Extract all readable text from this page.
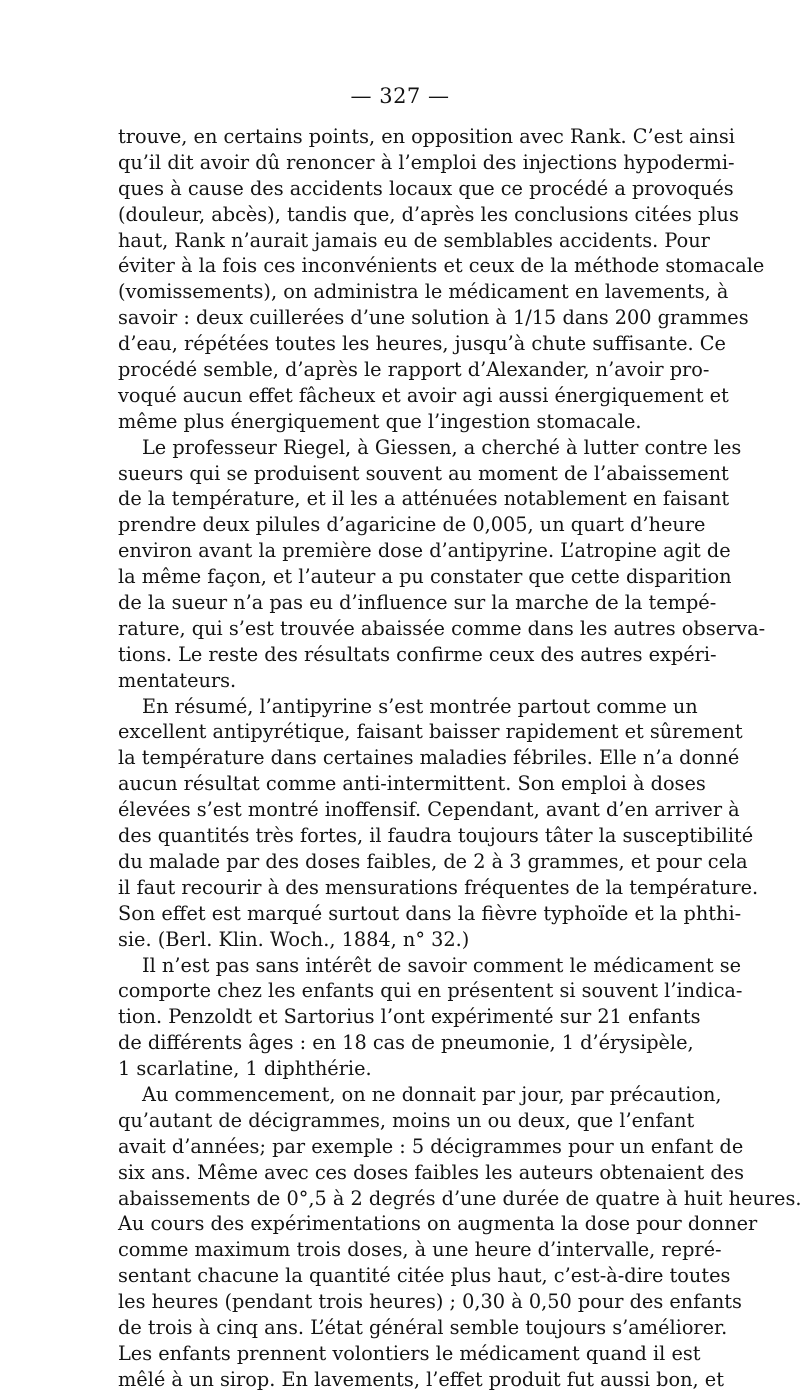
— 327 —
trouve, en certains points, en opposition avec Rank. C’est ainsi
qu’il dit avoir dû renoncer à l’emploi des injections hypodermi-
ques à cause des accidents locaux que ce procédé a provoqués
(douleur, abcès), tandis que, d’après les conclusions citées plus
haut, Rank n’aurait jamais eu de semblables accidents. Pour
éviter à la fois ces inconvénients et ceux de la méthode stomacale
(vomissements), on administra le médicament en lavements, à
savoir : deux cuillerées d’une solution à 1/15 dans 200 grammes
d’eau, répétées toutes les heures, jusqu’à chute suffisante. Ce
procédé semble, d’après le rapport d’Alexander, n’avoir pro-
voqué aucun effet fâcheux et avoir agi aussi énergiquement et
même plus énergiquement que l’ingestion stomacale.
Le professeur Riegel, à Giessen, a cherché à lutter contre les
sueurs qui se produisent souvent au moment de l’abaissement
de la température, et il les a atténuées notablement en faisant
prendre deux pilules d’agaricine de 0,005, un quart d’heure
environ avant la première dose d’antipyrine. L’atropine agit de
la même façon, et l’auteur a pu constater que cette disparition
de la sueur n’a pas eu d’influence sur la marche de la tempé-
rature, qui s’est trouvée abaissée comme dans les autres observa-
tions. Le reste des résultats confirme ceux des autres expéri-
mentateurs.
En résumé, l’antipyrine s’est montrée partout comme un
excellent antipyrétique, faisant baisser rapidement et sûrement
la température dans certaines maladies fébriles. Elle n’a donné
aucun résultat comme anti-intermittent. Son emploi à doses
élevées s’est montré inoffensif. Cependant, avant d’en arriver à
des quantités très fortes, il faudra toujours tâter la susceptibilité
du malade par des doses faibles, de 2 à 3 grammes, et pour cela
il faut recourir à des mensurations fréquentes de la température.
Son effet est marqué surtout dans la fièvre typhoïde et la phthi-
sie. (Berl. Klin. Woch., 1884, n° 32.)
Il n’est pas sans intérêt de savoir comment le médicament se
comporte chez les enfants qui en présentent si souvent l’indica-
tion. Penzoldt et Sartorius l’ont expérimenté sur 21 enfants
de différents âges : en 18 cas de pneumonie, 1 d’érysipèle,
1 scarlatine, 1 diphthérie.
Au commencement, on ne donnait par jour, par précaution,
qu’autant de décigrammes, moins un ou deux, que l’enfant
avait d’années; par exemple : 5 décigrammes pour un enfant de
six ans. Même avec ces doses faibles les auteurs obtenaient des
abaissements de 0°,5 à 2 degrés d’une durée de quatre à huit heures.
Au cours des expérimentations on augmenta la dose pour donner
comme maximum trois doses, à une heure d’intervalle, repré-
sentant chacune la quantité citée plus haut, c’est-à-dire toutes
les heures (pendant trois heures) ; 0,30 à 0,50 pour des enfants
de trois à cinq ans. L’état général semble toujours s’améliorer.
Les enfants prennent volontiers le médicament quand il est
mêlé à un sirop. En lavements, l’effet produit fut aussi bon, et
